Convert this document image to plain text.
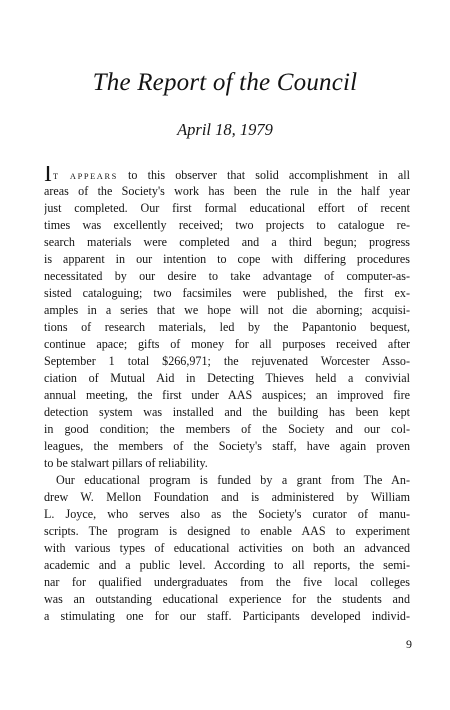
The Report of the Council
April 18, 1979
IT APPEARS to this observer that solid accomplishment in all
areas of the Society's work has been the rule in the half year
just completed. Our first formal educational effort of recent
times was excellently received; two projects to catalogue re-
search materials were completed and a third begun; progress
is apparent in our intention to cope with differing procedures
necessitated by our desire to take advantage of computer-as-
sisted cataloguing; two facsimiles were published, the first ex-
amples in a series that we hope will not die aborning; acquisi-
tions of research materials, led by the Papantonio bequest,
continue apace; gifts of money for all purposes received after
September 1 total $266,971; the rejuvenated Worcester Asso-
ciation of Mutual Aid in Detecting Thieves held a convivial
annual meeting, the first under AAS auspices; an improved fire
detection system was installed and the building has been kept
in good condition; the members of the Society and our col-
leagues, the members of the Society's staff, have again proven
to be stalwart pillars of reliability.
Our educational program is funded by a grant from The An-
drew W. Mellon Foundation and is administered by William
L. Joyce, who serves also as the Society's curator of manu-
scripts. The program is designed to enable AAS to experiment
with various types of educational activities on both an advanced
academic and a public level. According to all reports, the semi-
nar for qualified undergraduates from the five local colleges
was an outstanding educational experience for the students and
a stimulating one for our staff. Participants developed individ-
9
